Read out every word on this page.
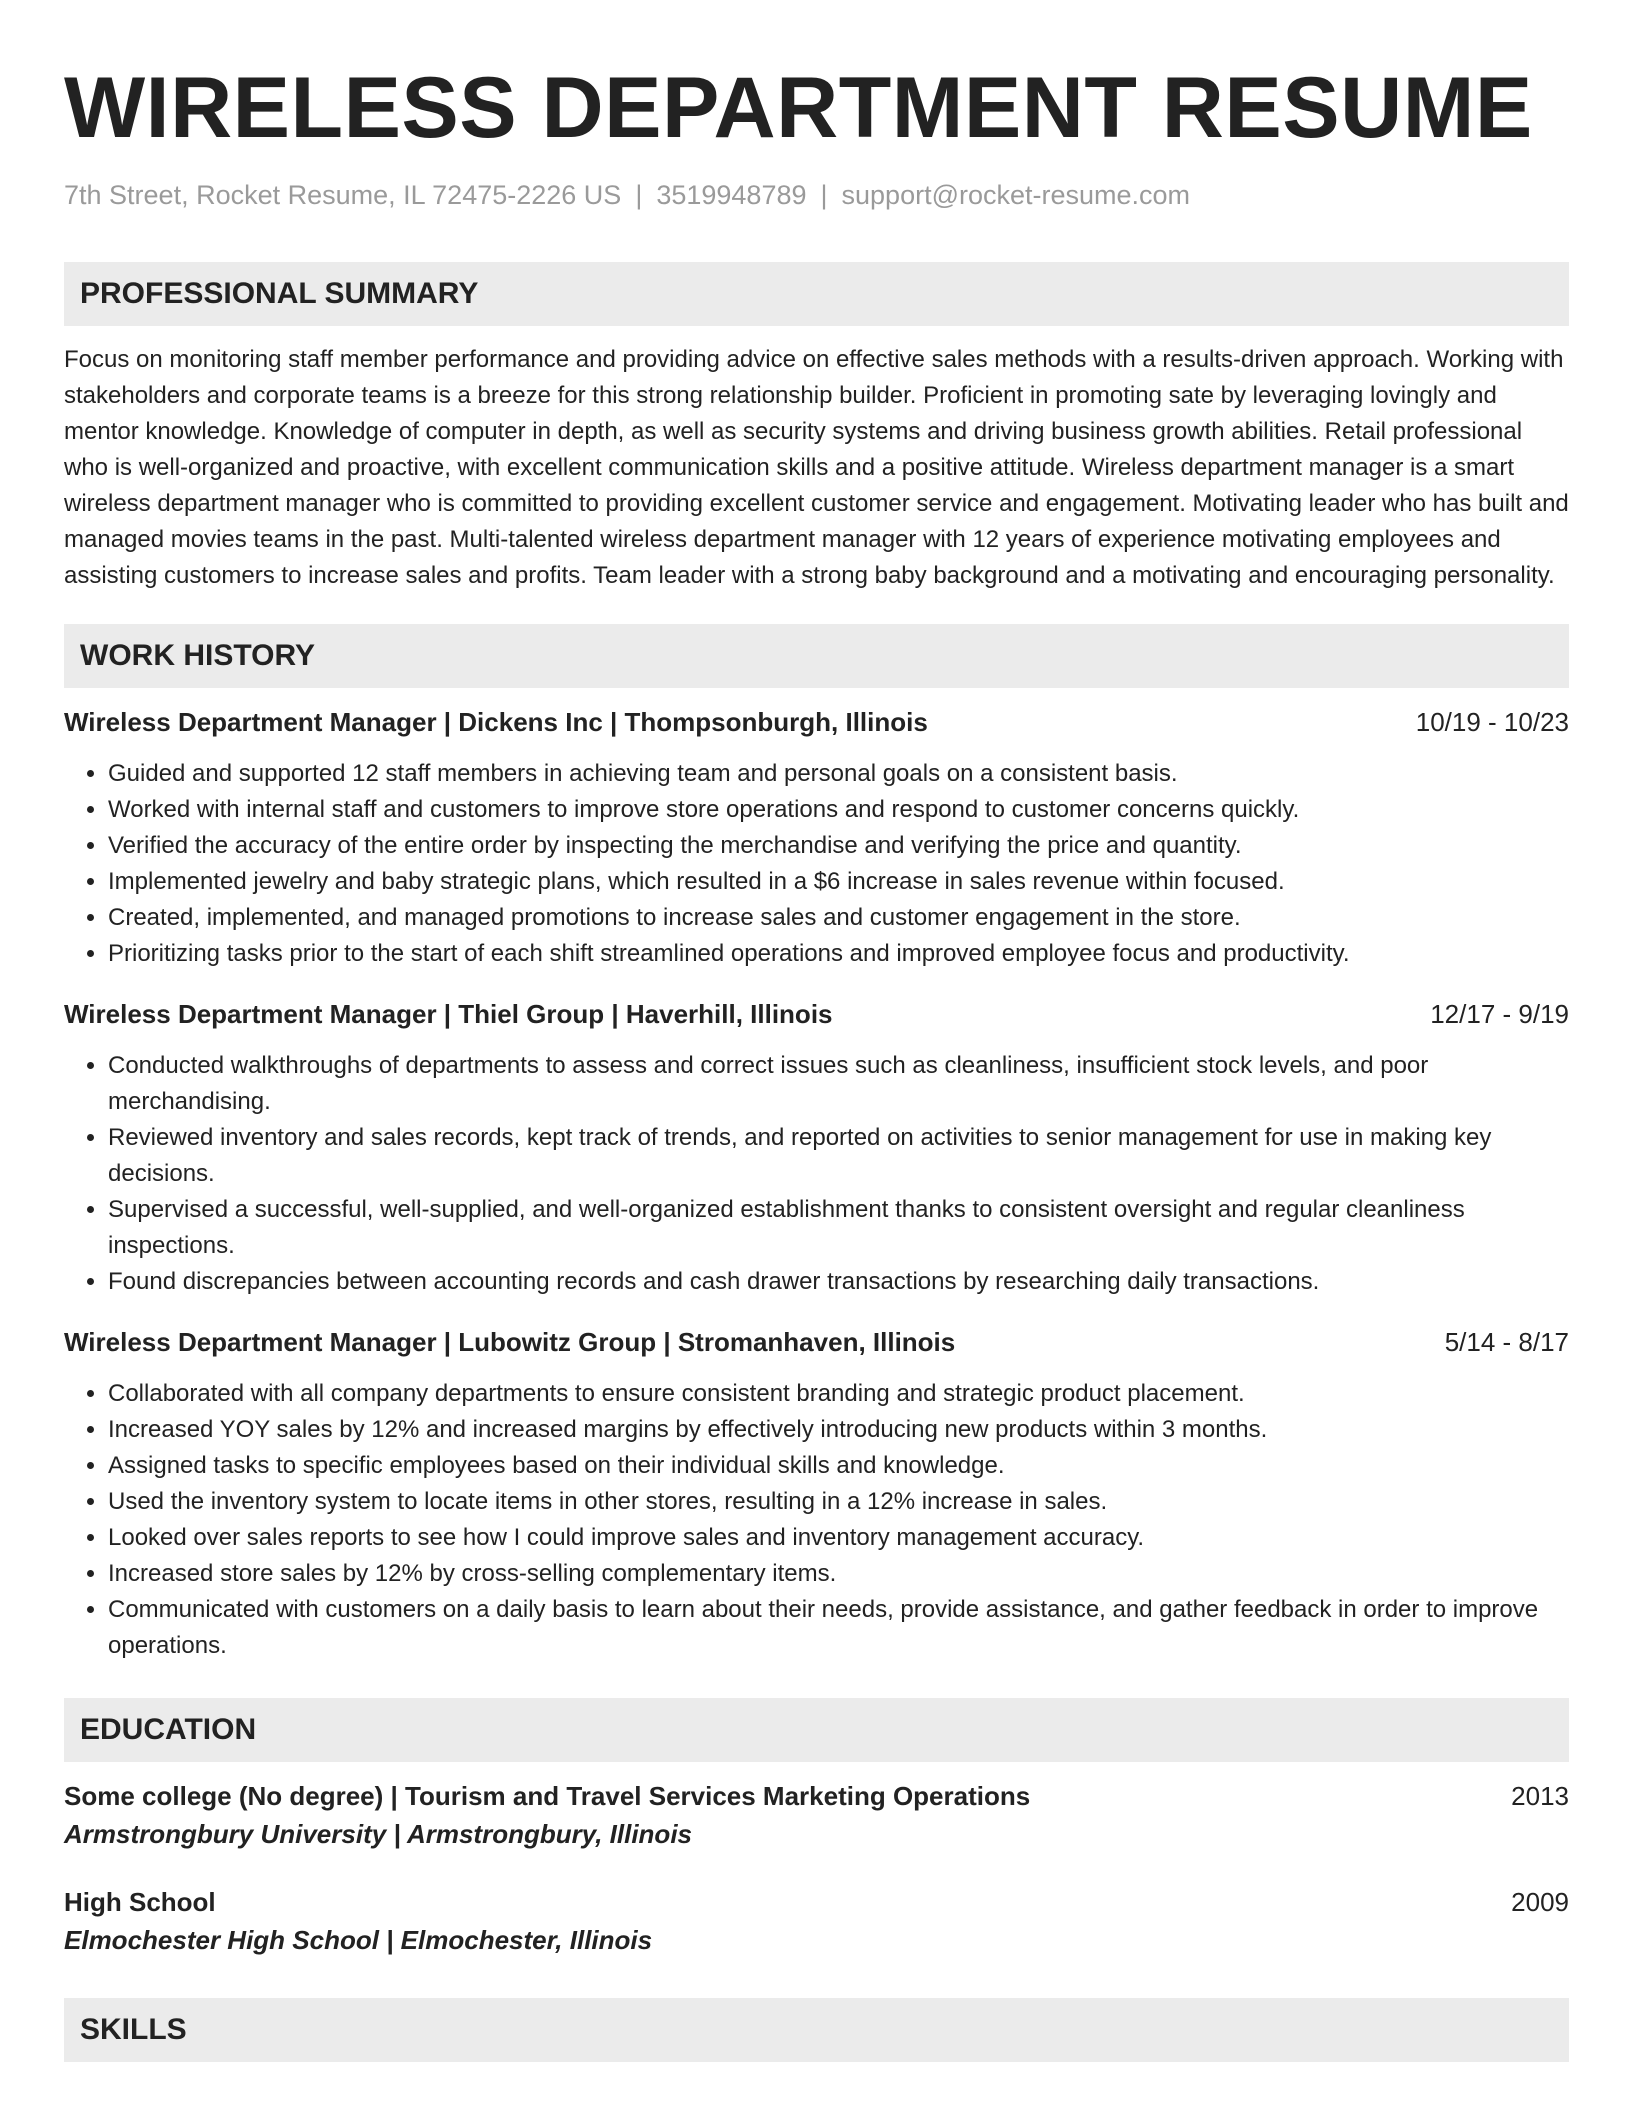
WIRELESS DEPARTMENT RESUME
7th Street, Rocket Resume, IL 72475-2226 US | 3519948789 | support@rocket-resume.com
PROFESSIONAL SUMMARY
Focus on monitoring staff member performance and providing advice on effective sales methods with a results-driven approach. Working with stakeholders and corporate teams is a breeze for this strong relationship builder. Proficient in promoting sate by leveraging lovingly and mentor knowledge. Knowledge of computer in depth, as well as security systems and driving business growth abilities. Retail professional who is well-organized and proactive, with excellent communication skills and a positive attitude. Wireless department manager is a smart wireless department manager who is committed to providing excellent customer service and engagement. Motivating leader who has built and managed movies teams in the past. Multi-talented wireless department manager with 12 years of experience motivating employees and assisting customers to increase sales and profits. Team leader with a strong baby background and a motivating and encouraging personality.
WORK HISTORY
Wireless Department Manager | Dickens Inc | Thompsonburgh, Illinois	10/19 - 10/23
• Guided and supported 12 staff members in achieving team and personal goals on a consistent basis.
• Worked with internal staff and customers to improve store operations and respond to customer concerns quickly.
• Verified the accuracy of the entire order by inspecting the merchandise and verifying the price and quantity.
• Implemented jewelry and baby strategic plans, which resulted in a $6 increase in sales revenue within focused.
• Created, implemented, and managed promotions to increase sales and customer engagement in the store.
• Prioritizing tasks prior to the start of each shift streamlined operations and improved employee focus and productivity.
Wireless Department Manager | Thiel Group | Haverhill, Illinois	12/17 - 9/19
• Conducted walkthroughs of departments to assess and correct issues such as cleanliness, insufficient stock levels, and poor merchandising.
• Reviewed inventory and sales records, kept track of trends, and reported on activities to senior management for use in making key decisions.
• Supervised a successful, well-supplied, and well-organized establishment thanks to consistent oversight and regular cleanliness inspections.
• Found discrepancies between accounting records and cash drawer transactions by researching daily transactions.
Wireless Department Manager | Lubowitz Group | Stromanhaven, Illinois	5/14 - 8/17
• Collaborated with all company departments to ensure consistent branding and strategic product placement.
• Increased YOY sales by 12% and increased margins by effectively introducing new products within 3 months.
• Assigned tasks to specific employees based on their individual skills and knowledge.
• Used the inventory system to locate items in other stores, resulting in a 12% increase in sales.
• Looked over sales reports to see how I could improve sales and inventory management accuracy.
• Increased store sales by 12% by cross-selling complementary items.
• Communicated with customers on a daily basis to learn about their needs, provide assistance, and gather feedback in order to improve operations.
EDUCATION
Some college (No degree) | Tourism and Travel Services Marketing Operations	2013
Armstrongbury University | Armstrongbury, Illinois
High School	2009
Elmochester High School | Elmochester, Illinois
SKILLS
